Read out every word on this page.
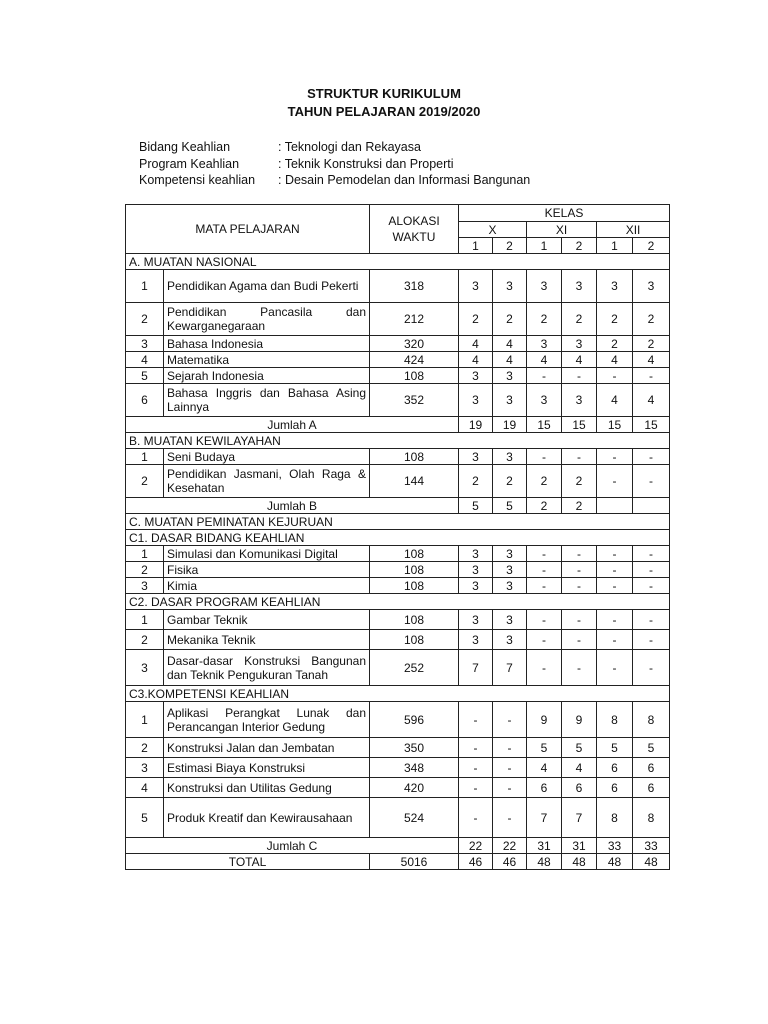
STRUKTUR KURIKULUM
TAHUN PELAJARAN 2019/2020
Bidang Keahlian	: Teknologi dan Rekayasa
Program Keahlian	: Teknik Konstruksi dan Properti
Kompetensi keahlian	: Desain Pemodelan dan Informasi Bangunan
MATA PELAJARAN		ALOKASI WAKTU	KELAS					
			X		XI		XII	
			1	2	1	2	1	2
A. MUATAN NASIONAL								
1	Pendidikan Agama dan Budi Pekerti	318	3	3	3	3	3	3
2	Pendidikan Pancasila dan Kewarganegaraan	212	2	2	2	2	2	2
3	Bahasa Indonesia	320	4	4	3	3	2	2
4	Matematika	424	4	4	4	4	4	4
5	Sejarah Indonesia	108	3	3	-	-	-	-
6	Bahasa Inggris dan Bahasa Asing Lainnya	352	3	3	3	3	4	4
Jumlah A			19	19	15	15	15	15
B. MUATAN KEWILAYAHAN								
1	Seni Budaya	108	3	3	-	-	-	-
2	Pendidikan Jasmani, Olah Raga & Kesehatan	144	2	2	2	2	-	-
Jumlah B			5	5	2	2		
C. MUATAN PEMINATAN KEJURUAN								
C1. DASAR BIDANG KEAHLIAN								
1	Simulasi dan Komunikasi Digital	108	3	3	-	-	-	-
2	Fisika	108	3	3	-	-	-	-
3	Kimia	108	3	3	-	-	-	-
C2. DASAR PROGRAM KEAHLIAN								
1	Gambar Teknik	108	3	3	-	-	-	-
2	Mekanika Teknik	108	3	3	-	-	-	-
3	Dasar-dasar Konstruksi Bangunan dan Teknik Pengukuran Tanah	252	7	7	-	-	-	-
C3.KOMPETENSI KEAHLIAN								
1	Aplikasi Perangkat Lunak dan Perancangan Interior Gedung	596	-	-	9	9	8	8
2	Konstruksi Jalan dan Jembatan	350	-	-	5	5	5	5
3	Estimasi Biaya Konstruksi	348	-	-	4	4	6	6
4	Konstruksi dan Utilitas Gedung	420	-	-	6	6	6	6
5	Produk Kreatif dan Kewirausahaan	524	-	-	7	7	8	8
Jumlah C			22	22	31	31	33	33
TOTAL		5016	46	46	48	48	48	48
